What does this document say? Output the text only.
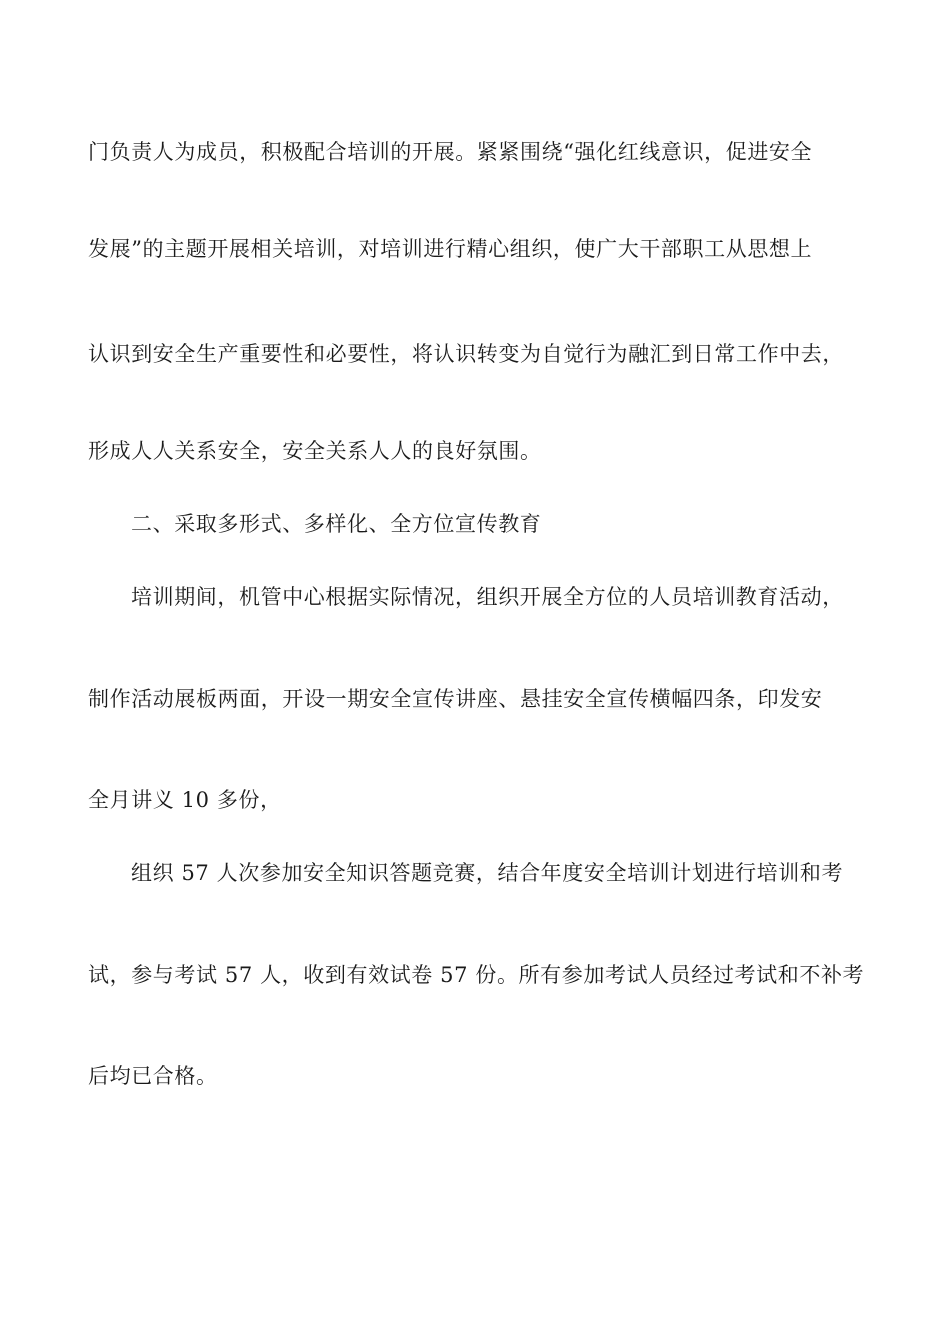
门负责人为成员，积极配合培训的开展。紧紧围绕“强化红线意识，促进安全
发展”的主题开展相关培训，对培训进行精心组织，使广大干部职工从思想上
认识到安全生产重要性和必要性，将认识转变为自觉行为融汇到日常工作中去，
形成人人关系安全，安全关系人人的良好氛围。
二、采取多形式、多样化、全方位宣传教育
培训期间，机管中心根据实际情况，组织开展全方位的人员培训教育活动，
制作活动展板两面，开设一期安全宣传讲座、悬挂安全宣传横幅四条，印发安
全月讲义 10 多份，
组织 57 人次参加安全知识答题竞赛，结合年度安全培训计划进行培训和考
试，参与考试 57 人，收到有效试卷 57 份。所有参加考试人员经过考试和不补考
后均已合格。
